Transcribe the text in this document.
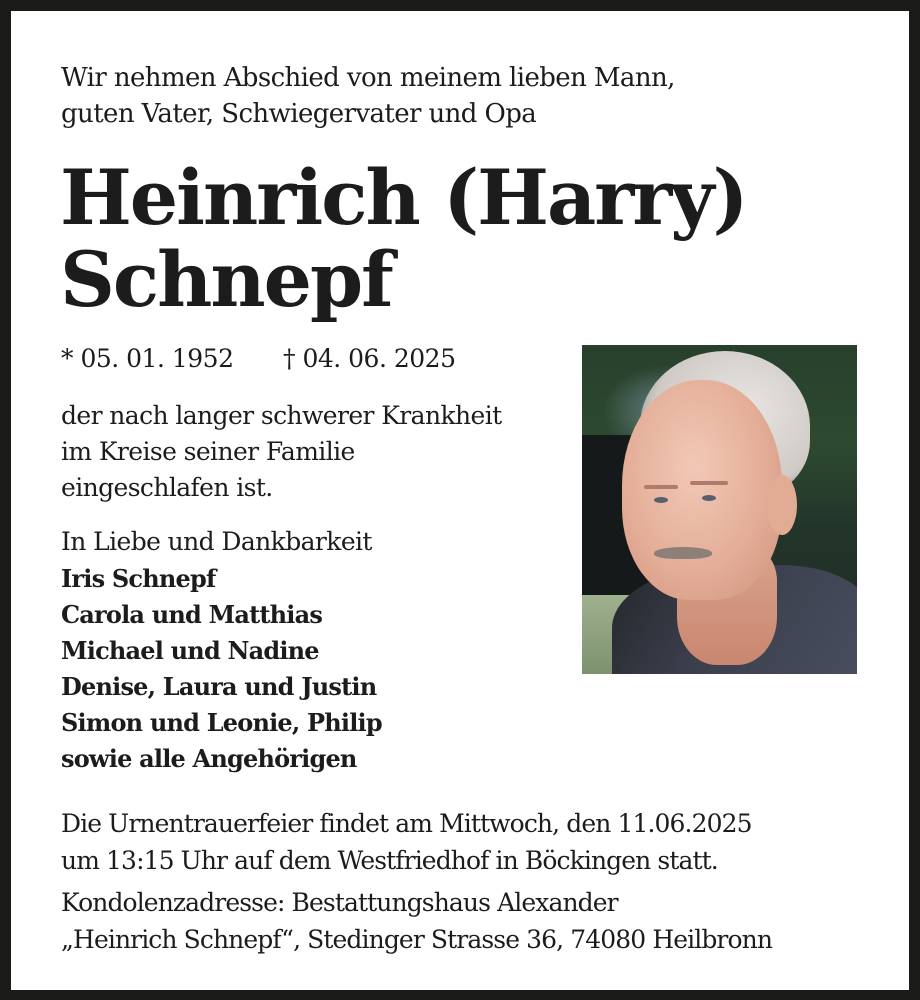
Wir nehmen Abschied von meinem lieben Mann,
guten Vater, Schwiegervater und Opa
Heinrich (Harry)
Schnepf
* 05. 01. 1952 † 04. 06. 2025
der nach langer schwerer Krankheit
im Kreise seiner Familie
eingeschlafen ist.
In Liebe und Dankbarkeit
Iris Schnepf
Carola und Matthias
Michael und Nadine
Denise, Laura und Justin
Simon und Leonie, Philip
sowie alle Angehörigen
Die Urnentrauerfeier findet am Mittwoch, den 11.06.2025
um 13:15 Uhr auf dem Westfriedhof in Böckingen statt.
Kondolenzadresse: Bestattungshaus Alexander
„Heinrich Schnepf“, Stedinger Strasse 36, 74080 Heilbronn
